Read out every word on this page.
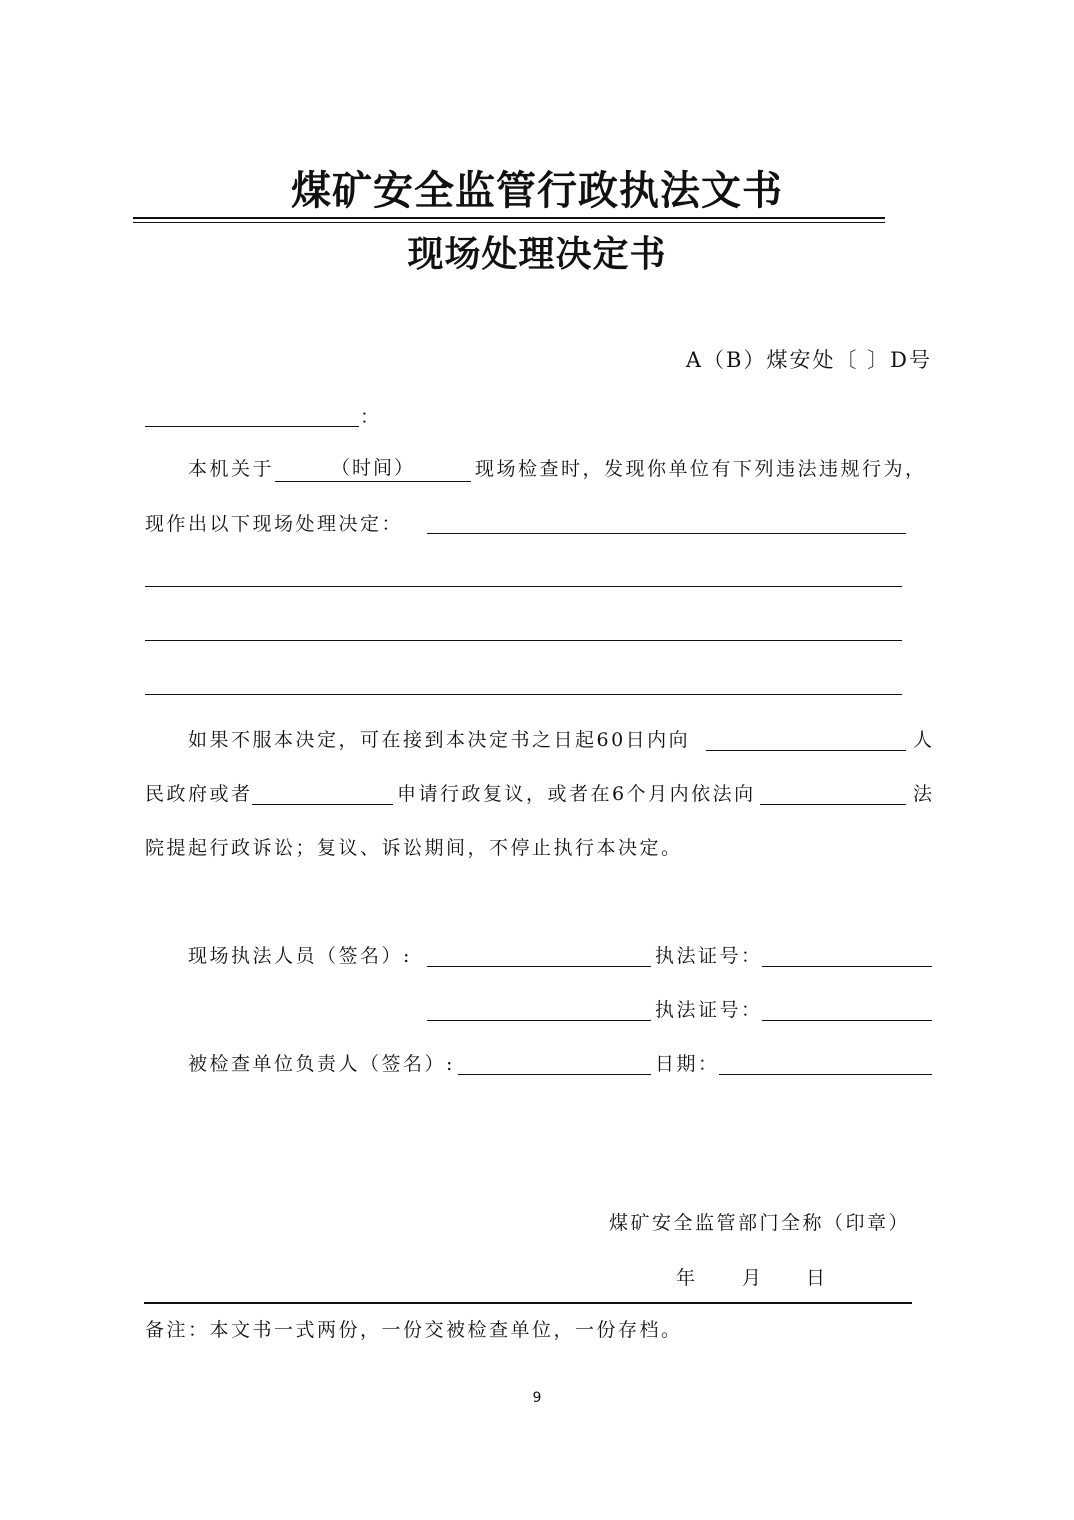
煤矿安全监管行政执法文书
现场处理决定书
A（B）煤安处〔 〕D号
：
本机关于	（时间）	现场检查时，发现你单位有下列违法违规行为，
现作出以下现场处理决定：
如果不服本决定，可在接到本决定书之日起60日内向	人
民政府或者	申请行政复议，或者在6个月内依法向	法
院提起行政诉讼；复议、诉讼期间，不停止执行本决定。
现场执法人员（签名）:	执法证号：
执法证号：
被检查单位负责人（签名）:	日期：
煤矿安全监管部门全称（印章）
年 月 日
备注：本文书一式两份，一份交被检查单位，一份存档。
9
